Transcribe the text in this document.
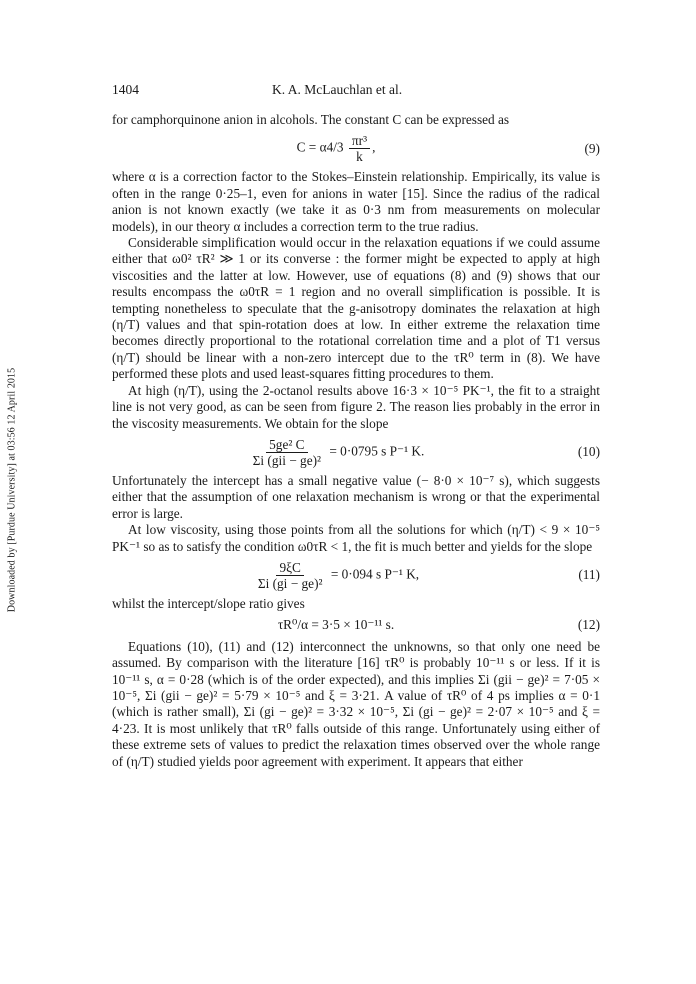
Downloaded by [Purdue University] at 03:56 12 April 2015
1404	K. A. McLauchlan et al.

for camphorquinone anion in alcohols. The constant C can be expressed as

$C = \alpha 4/3 \frac{\text{πr³}}{k}$ ,	(9)

where α is a correction factor to the Stokes–Einstein relationship. Empirically, its value is often in the range 0·25–1, even for anions in water [15]. Since the radius of the radical anion is not known exactly (we take it as 0·3 nm from measurements on molecular models), in our theory α includes a correction term to the true radius.

Considerable simplification would occur in the relaxation equations if we could assume either that ω0² τR² ≫ 1 or its converse : the former might be expected to apply at high viscosities and the latter at low. However, use of equations (8) and (9) shows that our results encompass the ω0τR = 1 region and no overall simplification is possible. It is tempting nonetheless to speculate that the g-anisotropy dominates the relaxation at high (η/T) values and that spin-rotation does at low. In either extreme the relaxation time becomes directly proportional to the rotational correlation time and a plot of T1 versus (η/T) should be linear with a non-zero intercept due to the τR⁰ term in (8). We have performed these plots and used least-squares fitting procedures to them.

At high (η/T), using the 2-octanol results above 16·3 × 10⁻⁵ PK⁻¹, the fit to a straight line is not very good, as can be seen from figure 2. The reason lies probably in the error in the viscosity measurements. We obtain for the slope

$\frac{\text{5ge² C}}{\text{Σi (gii − ge)²}} = 0\cdot 0795$ s P⁻¹ K.	(10)

Unfortunately the intercept has a small negative value (− 8·0 × 10⁻⁷ s), which suggests either that the assumption of one relaxation mechanism is wrong or that the experimental error is large.

At low viscosity, using those points from all the solutions for which (η/T) < 9 × 10⁻⁵ PK⁻¹ so as to satisfy the condition ω0τR < 1, the fit is much better and yields for the slope

$\frac{9\xi C}{\text{Σi (gi − ge)²}} = 0\cdot 094$ s P⁻¹ K,	(11)

whilst the intercept/slope ratio gives

τR⁰/α = 3·5 × 10⁻¹¹ s.	(12)

Equations (10), (11) and (12) interconnect the unknowns, so that only one need be assumed. By comparison with the literature [16] τR⁰ is probably 10⁻¹¹ s or less. If it is 10⁻¹¹ s, α = 0·28 (which is of the order expected), and this implies Σi (gii − ge)² = 7·05 × 10⁻⁵, Σi (gii − ge)² = 5·79 × 10⁻⁵ and ξ = 3·21. A value of τR⁰ of 4 ps implies α = 0·1 (which is rather small), Σi (gi − ge)² = 3·32 × 10⁻⁵, Σi (gi − ge)² = 2·07 × 10⁻⁵ and ξ = 4·23. It is most unlikely that τR⁰ falls outside of this range. Unfortunately using either of these extreme sets of values to predict the relaxation times observed over the whole range of (η/T) studied yields poor agreement with experiment. It appears that either
